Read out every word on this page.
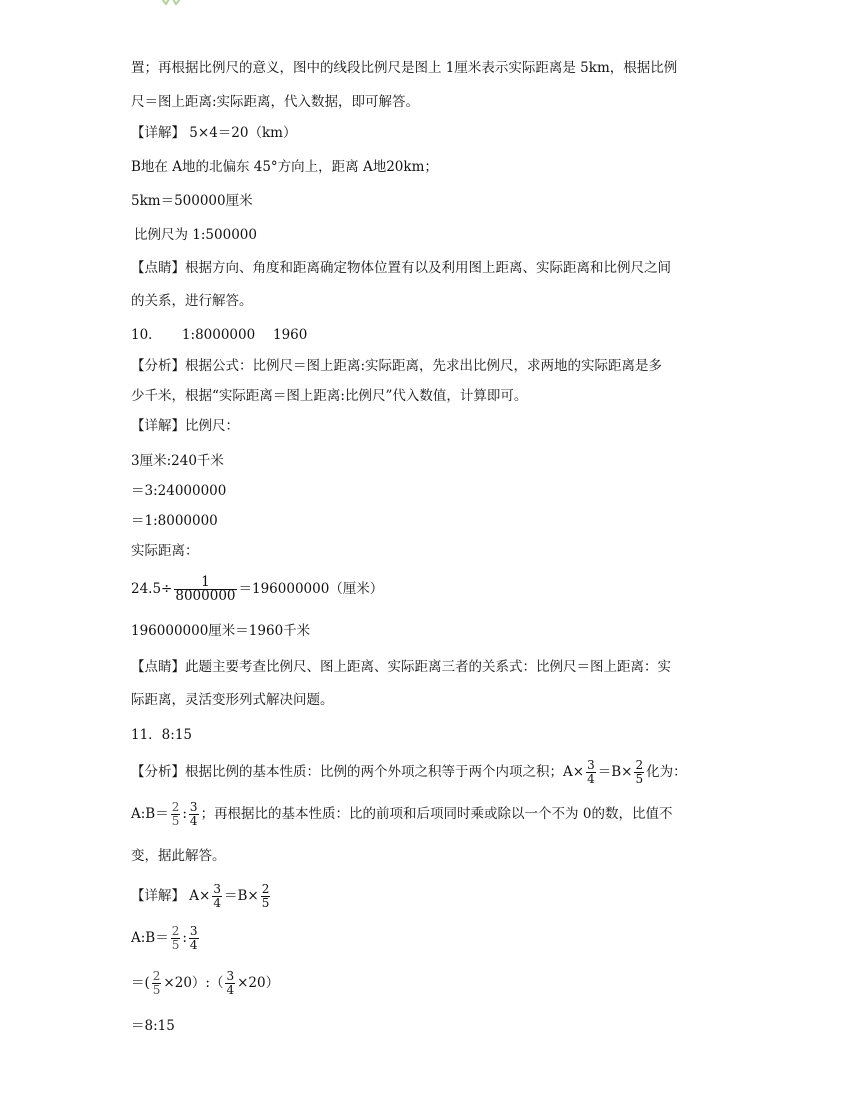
置；再根据比例尺的意义，图中的线段比例尺是图上 1厘米表示实际距离是 5km，根据比例
尺＝图上距离:实际距离，代入数据，即可解答。
【详解】 5×4＝20（km）
B地在 A地的北偏东 45°方向上，距离 A地20km；
5km＝500000厘米
比例尺为 1:500000
【点睛】根据方向、角度和距离确定物体位置有以及利用图上距离、实际距离和比例尺之间
的关系，进行解答。
10．　　1:8000000　 1960
【分析】根据公式：比例尺＝图上距离:实际距离，先求出比例尺，求两地的实际距离是多
少千米，根据“实际距离＝图上距离:比例尺”代入数值，计算即可。
【详解】比例尺：
3厘米:240千米
＝3:24000000
＝1:8000000
实际距离：
$24.5\div \frac{1}{8000000} =196000000$（厘米）
196000000厘米＝1960千米
【点睛】此题主要考查比例尺、图上距离、实际距离三者的关系式：比例尺＝图上距离：实
际距离，灵活变形列式解决问题。
11．8:15
【分析】根据比例的基本性质：比例的两个外项之积等于两个内项之积；$A\times \frac{3}{4} =B\times \frac{2}{5}$ 化为：
A:B＝ $\frac{2}{5}$ : $\frac{3}{4}$ ；再根据比的基本性质：比的前项和后项同时乘或除以一个不为 0的数，比值不
变，据此解答。
【详解】 $A\times \frac{3}{4} =B\times \frac{2}{5}$
A:B＝ $\frac{2}{5}$ : $\frac{3}{4}$
＝( $\frac{2}{5}$ ×20）:（ $\frac{3}{4} \times 20$）
＝8:15
